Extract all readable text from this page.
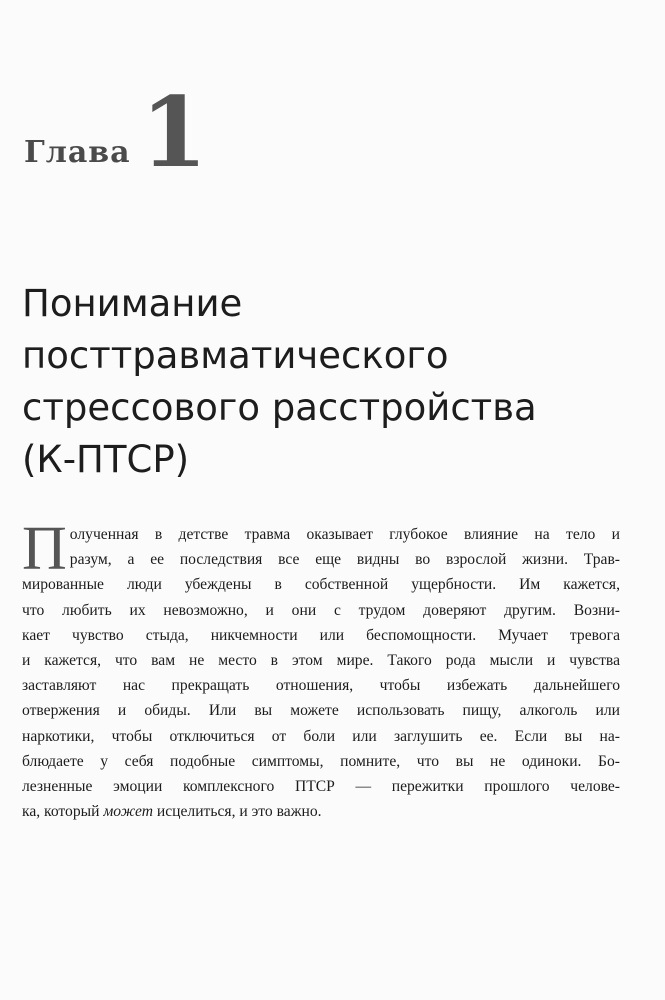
Глава 1
Понимание
посттравматического
стрессового расстройства
(К-ПТСР)
П олученная в детстве травма оказывает глубокое влияние на тело и
разум, а ее последствия все еще видны во взрослой жизни. Трав-
мированные люди убеждены в собственной ущербности. Им кажется,
что любить их невозможно, и они с трудом доверяют другим. Возни-
кает чувство стыда, никчемности или беспомощности. Мучает тревога
и кажется, что вам не место в этом мире. Такого рода мысли и чувства
заставляют нас прекращать отношения, чтобы избежать дальнейшего
отвержения и обиды. Или вы можете использовать пищу, алкоголь или
наркотики, чтобы отключиться от боли или заглушить ее. Если вы на-
блюдаете у себя подобные симптомы, помните, что вы не одиноки. Бо-
лезненные эмоции комплексного ПТСР — пережитки прошлого челове-
ка, который может исцелиться, и это важно.
